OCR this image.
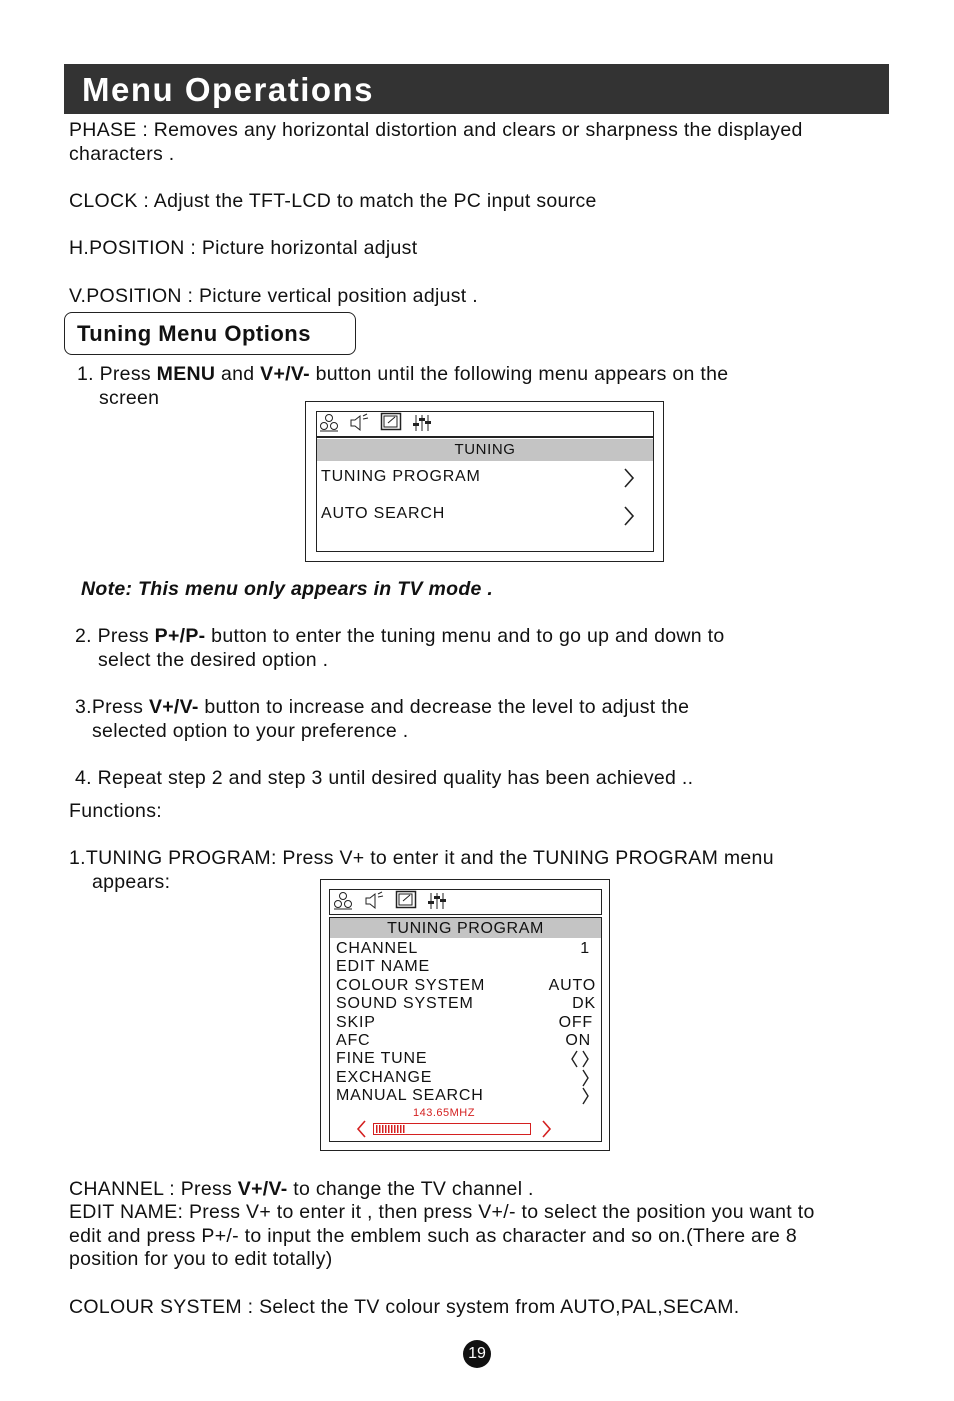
Menu Operations
PHASE : Removes any horizontal distortion and clears or sharpness the displayed
characters .
CLOCK : Adjust the TFT-LCD to match the PC input source
H.POSITION : Picture horizontal adjust
V.POSITION : Picture vertical position adjust .
Tuning Menu Options
1. Press MENU and V+/V- button until the following menu appears on the
screen
TUNING
TUNING PROGRAM
AUTO SEARCH
Note: This menu only appears in TV mode .
2. Press P+/P- button to enter the tuning menu and to go up and down to
select the desired option .
3.Press V+/V- button to increase and decrease the level to adjust the
selected option to your preference .
4. Repeat step 2 and step 3 until desired quality has been achieved ..
Functions:
1.TUNING PROGRAM: Press V+ to enter it and the TUNING PROGRAM menu
appears:
TUNING PROGRAM
CHANNEL	1
EDIT NAME
COLOUR SYSTEM	AUTO
SOUND SYSTEM	DK
SKIP	OFF
AFC	ON
FINE TUNE
EXCHANGE
MANUAL SEARCH
143.65MHZ
CHANNEL : Press V+/V- to change the TV channel .
EDIT NAME: Press V+ to enter it , then press V+/- to select the position you want to
edit and press P+/- to input the emblem such as character and so on.(There are 8
position for you to edit totally)
COLOUR SYSTEM : Select the TV colour system from AUTO,PAL,SECAM.
19
